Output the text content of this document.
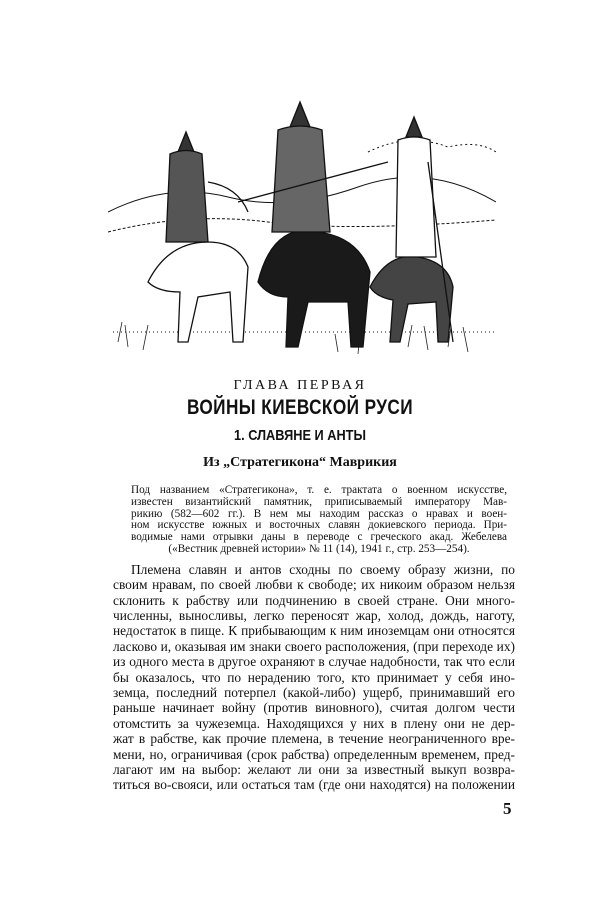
ГЛАВА ПЕРВАЯ
ВОЙНЫ КИЕВСКОЙ РУСИ
1. СЛАВЯНЕ И АНТЫ
Из „Стратегикона“ Маврикия
Под названием «Стратегикона», т. е. трактата о военном искусстве,
известен византийский памятник, приписываемый императору Мав-
рикию (582—602 гг.). В нем мы находим рассказ о нравах и воен-
ном искусстве южных и восточных славян докиевского периода. При-
водимые нами отрывки даны в переводе с греческого акад. Жебелева
(«Вестник древней истории» № 11 (14), 1941 г., стр. 253—254).
Племена славян и антов сходны по своему образу жизни, по
своим нравам, по своей любви к свободе; их никоим образом нельзя
склонить к рабству или подчинению в своей стране. Они много-
численны, выносливы, легко переносят жар, холод, дождь, наготу,
недостаток в пище. К прибывающим к ним иноземцам они относятся
ласково и, оказывая им знаки своего расположения, (при переходе их)
из одного места в другое охраняют в случае надобности, так что если
бы оказалось, что по нерадению того, кто принимает у себя ино-
земца, последний потерпел (какой-либо) ущерб, принимавший его
раньше начинает войну (против виновного), считая долгом чести
отомстить за чужеземца. Находящихся у них в плену они не дер-
жат в рабстве, как прочие племена, в течение неограниченного вре-
мени, но, ограничивая (срок рабства) определенным временем, пред-
лагают им на выбор: желают ли они за известный выкуп возвра-
титься во-свояси, или остаться там (где они находятся) на положении
5
